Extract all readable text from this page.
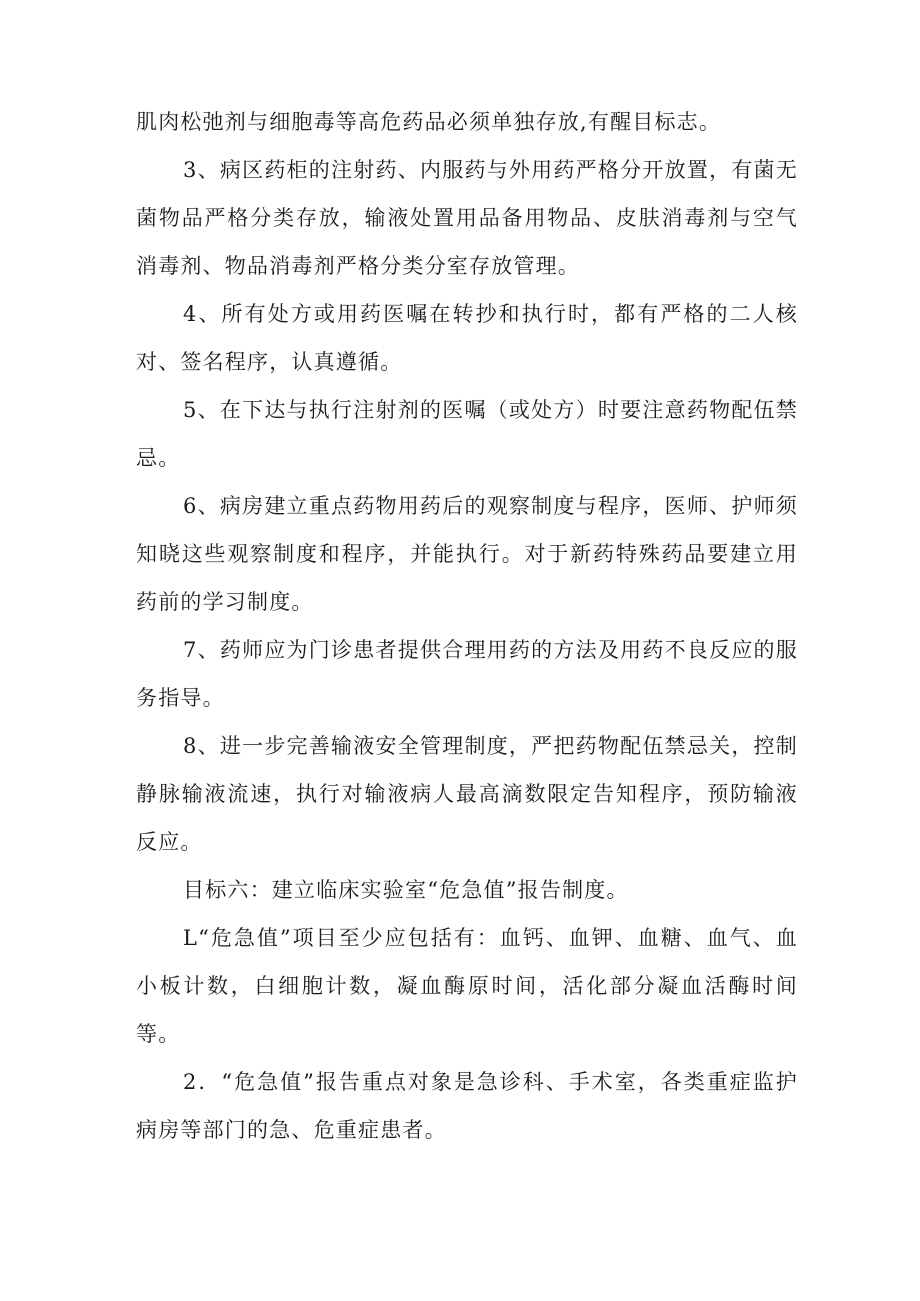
肌肉松弛剂与细胞毒等高危药品必须单独存放,有醒目标志。

3、病区药柜的注射药、内服药与外用药严格分开放置，有菌无菌物品严格分类存放，输液处置用品备用物品、皮肤消毒剂与空气消毒剂、物品消毒剂严格分类分室存放管理。

4、所有处方或用药医嘱在转抄和执行时，都有严格的二人核对、签名程序，认真遵循。

5、在下达与执行注射剂的医嘱（或处方）时要注意药物配伍禁忌。

6、病房建立重点药物用药后的观察制度与程序，医师、护师须知晓这些观察制度和程序，并能执行。对于新药特殊药品要建立用药前的学习制度。

7、药师应为门诊患者提供合理用药的方法及用药不良反应的服务指导。

8、进一步完善输液安全管理制度，严把药物配伍禁忌关，控制静脉输液流速，执行对输液病人最高滴数限定告知程序，预防输液反应。

目标六：建立临床实验室“危急值”报告制度。

L“危急值”项目至少应包括有：血钙、血钾、血糖、血气、血小板计数，白细胞计数，凝血酶原时间，活化部分凝血活酶时间等。

2．“危急值”报告重点对象是急诊科、手术室，各类重症监护病房等部门的急、危重症患者。
